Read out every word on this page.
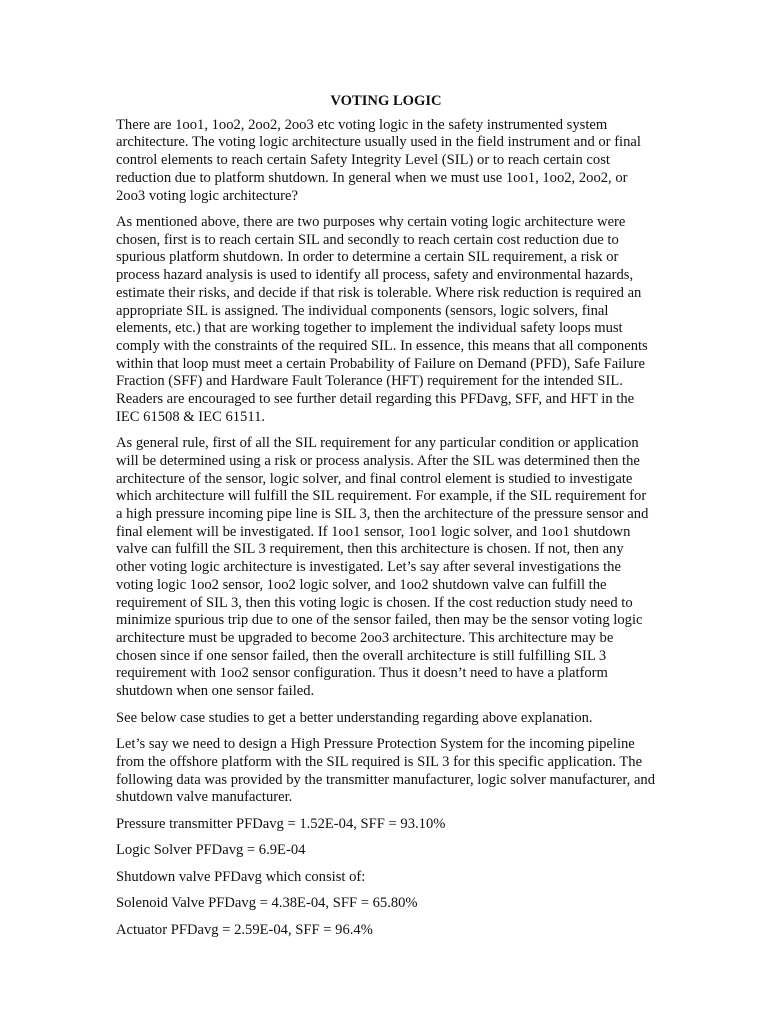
VOTING LOGIC

There are 1oo1, 1oo2, 2oo2, 2oo3 etc voting logic in the safety instrumented system architecture. The voting logic architecture usually used in the field instrument and or final control elements to reach certain Safety Integrity Level (SIL) or to reach certain cost reduction due to platform shutdown. In general when we must use 1oo1, 1oo2, 2oo2, or 2oo3 voting logic architecture?

As mentioned above, there are two purposes why certain voting logic architecture were chosen, first is to reach certain SIL and secondly to reach certain cost reduction due to spurious platform shutdown. In order to determine a certain SIL requirement, a risk or process hazard analysis is used to identify all process, safety and environmental hazards, estimate their risks, and decide if that risk is tolerable. Where risk reduction is required an appropriate SIL is assigned. The individual components (sensors, logic solvers, final elements, etc.) that are working together to implement the individual safety loops must comply with the constraints of the required SIL. In essence, this means that all components within that loop must meet a certain Probability of Failure on Demand (PFD), Safe Failure Fraction (SFF) and Hardware Fault Tolerance (HFT) requirement for the intended SIL. Readers are encouraged to see further detail regarding this PFDavg, SFF, and HFT in the IEC 61508 & IEC 61511.

As general rule, first of all the SIL requirement for any particular condition or application will be determined using a risk or process analysis. After the SIL was determined then the architecture of the sensor, logic solver, and final control element is studied to investigate which architecture will fulfill the SIL requirement. For example, if the SIL requirement for a high pressure incoming pipe line is SIL 3, then the architecture of the pressure sensor and final element will be investigated. If 1oo1 sensor, 1oo1 logic solver, and 1oo1 shutdown valve can fulfill the SIL 3 requirement, then this architecture is chosen. If not, then any other voting logic architecture is investigated. Let’s say after several investigations the voting logic 1oo2 sensor, 1oo2 logic solver, and 1oo2 shutdown valve can fulfill the requirement of SIL 3, then this voting logic is chosen. If the cost reduction study need to minimize spurious trip due to one of the sensor failed, then may be the sensor voting logic architecture must be upgraded to become 2oo3 architecture. This architecture may be chosen since if one sensor failed, then the overall architecture is still fulfilling SIL 3 requirement with 1oo2 sensor configuration. Thus it doesn’t need to have a platform shutdown when one sensor failed.

See below case studies to get a better understanding regarding above explanation.

Let’s say we need to design a High Pressure Protection System for the incoming pipeline from the offshore platform with the SIL required is SIL 3 for this specific application. The following data was provided by the transmitter manufacturer, logic solver manufacturer, and shutdown valve manufacturer.

Pressure transmitter PFDavg = 1.52E-04, SFF = 93.10%

Logic Solver PFDavg = 6.9E-04

Shutdown valve PFDavg which consist of:

Solenoid Valve PFDavg = 4.38E-04, SFF = 65.80%

Actuator PFDavg = 2.59E-04, SFF = 96.4%
